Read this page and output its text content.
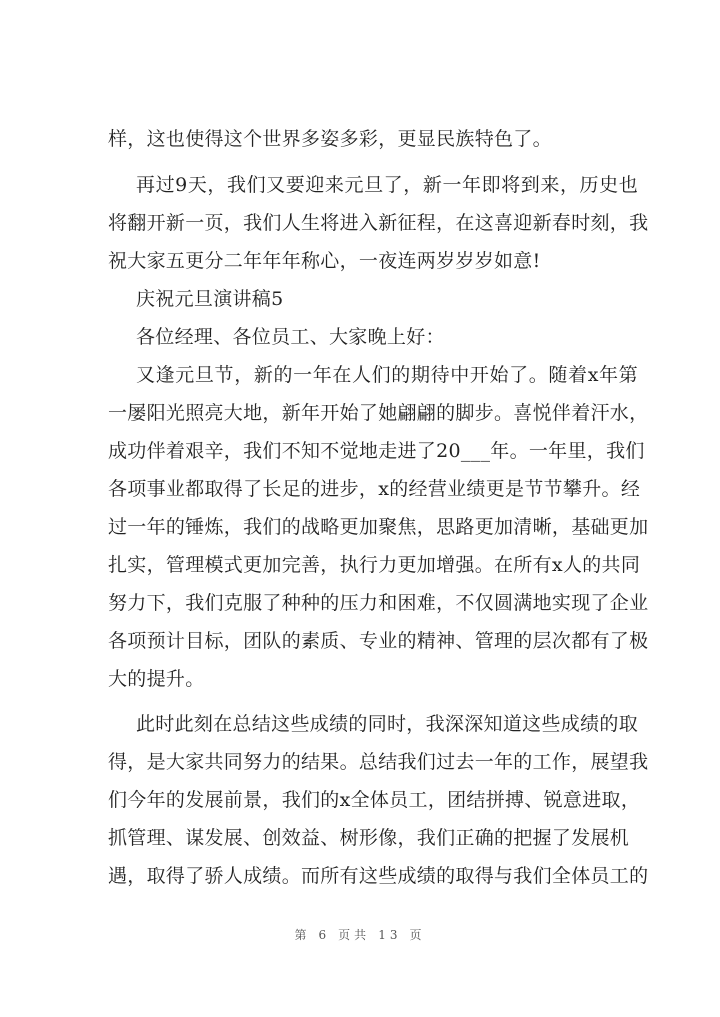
样，这也使得这个世界多姿多彩，更显民族特色了。
再过9天，我们又要迎来元旦了，新一年即将到来，历史也
将翻开新一页，我们人生将进入新征程，在这喜迎新春时刻，我
祝大家五更分二年年年称心，一夜连两岁岁岁如意!
庆祝元旦演讲稿5
各位经理、各位员工、大家晚上好：
又逢元旦节，新的一年在人们的期待中开始了。随着x年第
一屡阳光照亮大地，新年开始了她翩翩的脚步。喜悦伴着汗水，
成功伴着艰辛，我们不知不觉地走进了20___年。一年里，我们
各项事业都取得了长足的进步，x的经营业绩更是节节攀升。经
过一年的锤炼，我们的战略更加聚焦，思路更加清晰，基础更加
扎实，管理模式更加完善，执行力更加增强。在所有x人的共同
努力下，我们克服了种种的压力和困难，不仅圆满地实现了企业
各项预计目标，团队的素质、专业的精神、管理的层次都有了极
大的提升。
此时此刻在总结这些成绩的同时，我深深知道这些成绩的取
得，是大家共同努力的结果。总结我们过去一年的工作，展望我
们今年的发展前景，我们的x全体员工，团结拼搏、锐意进取，
抓管理、谋发展、创效益、树形像，我们正确的把握了发展机
遇，取得了骄人成绩。而所有这些成绩的取得与我们全体员工的
第 6 页共 13 页
